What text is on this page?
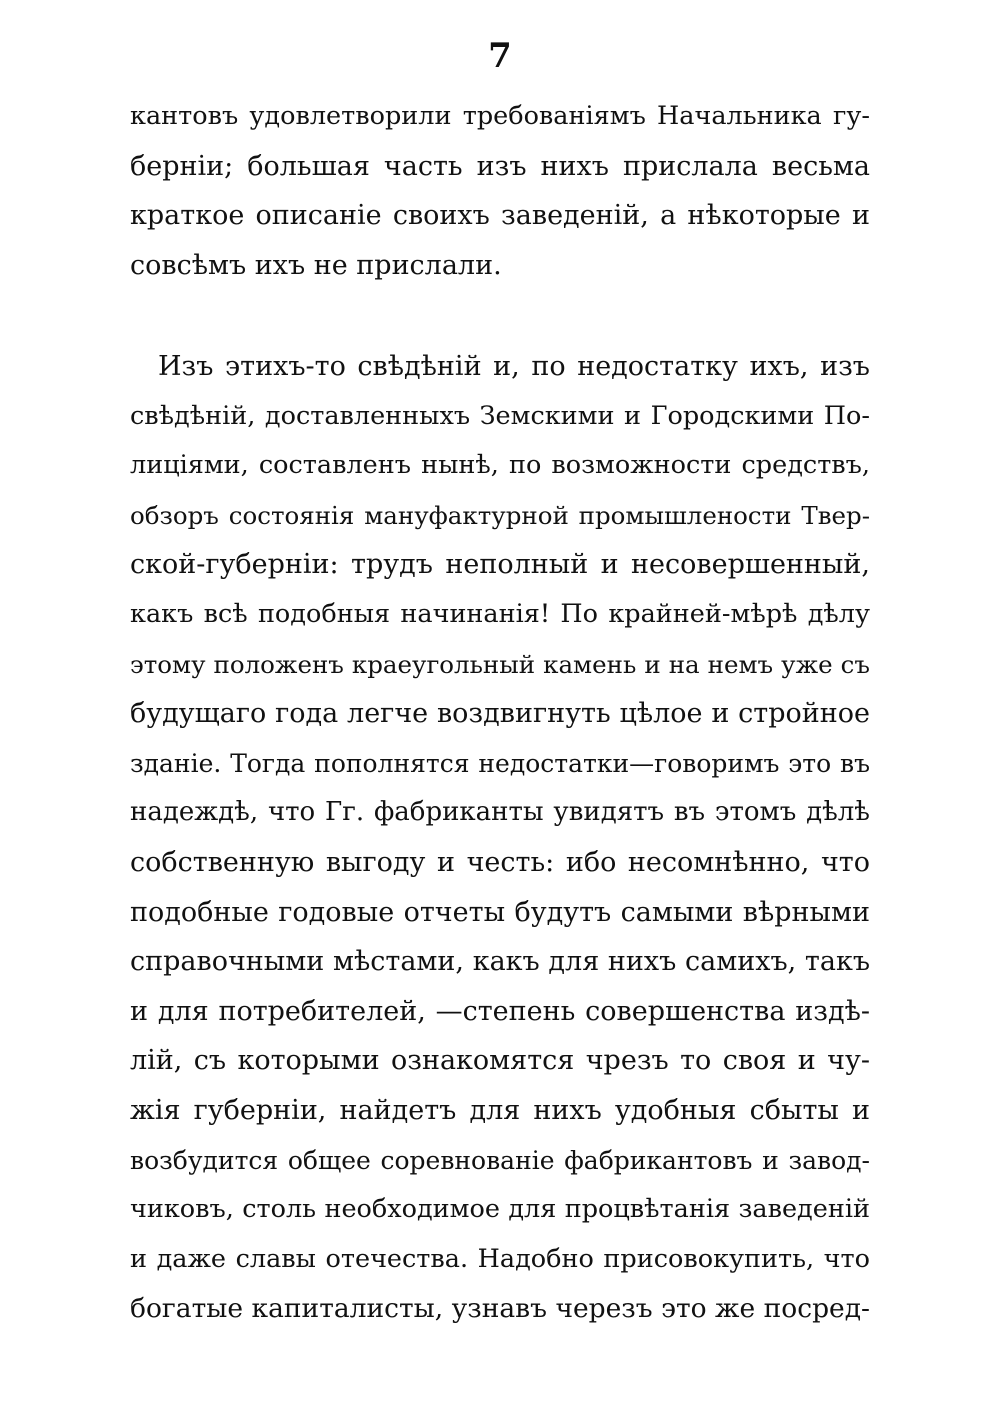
7
кантовъ удовлетворили требованіямъ Начальника гу-
берніи; большая часть изъ нихъ прислала весьма
краткое описаніе своихъ заведеній, а нѣкоторые и
совсѣмъ ихъ не прислали.
Изъ этихъ-то свѣдѣній и, по недостатку ихъ, изъ
свѣдѣній, доставленныхъ Земскими и Городскими По-
лиціями, составленъ нынѣ, по возможности средствъ,
обзоръ состоянія мануфактурной промышлености Твер-
ской-губерніи: трудъ неполный и несовершенный,
какъ всѣ подобныя начинанія! По крайней-мѣрѣ дѣлу
этому положенъ краеугольный камень и на немъ уже съ
будущаго года легче воздвигнуть цѣлое и стройное
зданіе. Тогда пополнятся недостатки—говоримъ это въ
надеждѣ, что Гг. фабриканты увидятъ въ этомъ дѣлѣ
собственную выгоду и честь: ибо несомнѣнно, что
подобные годовые отчеты будутъ самыми вѣрными
справочными мѣстами, какъ для нихъ самихъ, такъ
и для потребителей, —степень совершенства издѣ-
лій, съ которыми ознакомятся чрезъ то своя и чу-
жія губерніи, найдетъ для нихъ удобныя сбыты и
возбудится общее соревнованіе фабрикантовъ и завод-
чиковъ, столь необходимое для процвѣтанія заведеній
и даже славы отечества. Надобно присовокупить, что
богатые капиталисты, узнавъ черезъ это же посред-
